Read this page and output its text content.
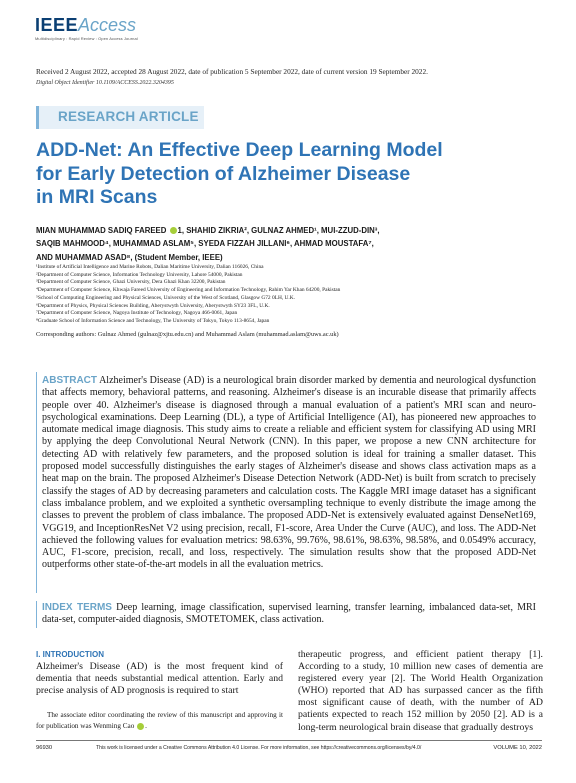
IEEEAccess
Multidisciplinary : Rapid Review : Open Access Journal
Received 2 August 2022, accepted 28 August 2022, date of publication 5 September 2022, date of current version 19 September 2022.
Digital Object Identifier 10.1109/ACCESS.2022.3204395
RESEARCH ARTICLE
ADD-Net: An Effective Deep Learning Model
for Early Detection of Alzheimer Disease
in MRI Scans
MIAN MUHAMMAD SADIQ FAREED 1, SHAHID ZIKRIA², GULNAZ AHMED¹, MUI-ZZUD-DIN³,
SAQIB MAHMOOD⁴, MUHAMMAD ASLAM⁵, SYEDA FIZZAH JILLANI⁶, AHMAD MOUSTAFA⁷,
AND MUHAMMAD ASAD⁸, (Student Member, IEEE)
¹Institute of Artificial Intelligence and Marine Robots, Dalian Maritime University, Dalian 116026, China
²Department of Computer Science, Information Technology University, Lahore 54000, Pakistan
³Department of Computer Science, Ghazi University, Dera Ghazi Khan 32200, Pakistan
⁴Department of Computer Science, Khwaja Fareed University of Engineering and Information Technology, Rahim Yar Khan 64200, Pakistan
⁵School of Computing Engineering and Physical Sciences, University of the West of Scotland, Glasgow G72 0LH, U.K.
⁶Department of Physics, Physical Sciences Building, Aberystwyth University, Aberystwyth SY23 3FL, U.K.
⁷Department of Computer Science, Nagoya Institute of Technology, Nagoya 466-0061, Japan
⁸Graduate School of Information Science and Technology, The University of Tokyo, Tokyo 113-8654, Japan
Corresponding authors: Gulnaz Ahmed (gulnaz@xjtu.edu.cn) and Muhammad Aslam (muhammad.aslam@uws.ac.uk)
ABSTRACT Alzheimer's Disease (AD) is a neurological brain disorder marked by dementia and neurological dysfunction that affects memory, behavioral patterns, and reasoning. Alzheimer's disease is an incurable disease that primarily affects people over 40. Alzheimer's disease is diagnosed through a manual evaluation of a patient's MRI scan and neuro-psychological examinations. Deep Learning (DL), a type of Artificial Intelligence (AI), has pioneered new approaches to automate medical image diagnosis. This study aims to create a reliable and efficient system for classifying AD using MRI by applying the deep Convolutional Neural Network (CNN). In this paper, we propose a new CNN architecture for detecting AD with relatively few parameters, and the proposed solution is ideal for training a smaller dataset. This proposed model successfully distinguishes the early stages of Alzheimer's disease and shows class activation maps as a heat map on the brain. The proposed Alzheimer's Disease Detection Network (ADD-Net) is built from scratch to precisely classify the stages of AD by decreasing parameters and calculation costs. The Kaggle MRI image dataset has a significant class imbalance problem, and we exploited a synthetic oversampling technique to evenly distribute the image among the classes to prevent the problem of class imbalance. The proposed ADD-Net is extensively evaluated against DenseNet169, VGG19, and InceptionResNet V2 using precision, recall, F1-score, Area Under the Curve (AUC), and loss. The ADD-Net achieved the following values for evaluation metrics: 98.63%, 99.76%, 98.61%, 98.63%, 98.58%, and 0.0549% accuracy, AUC, F1-score, precision, recall, and loss, respectively. The simulation results show that the proposed ADD-Net outperforms other state-of-the-art models in all the evaluation metrics.
INDEX TERMS Deep learning, image classification, supervised learning, transfer learning, imbalanced data-set, MRI data-set, computer-aided diagnosis, SMOTETOMEK, class activation.
I. INTRODUCTION
Alzheimer's Disease (AD) is the most frequent kind of dementia that needs substantial medical attention. Early and precise analysis of AD prognosis is required to start
therapeutic progress, and efficient patient therapy [1]. According to a study, 10 million new cases of dementia are registered every year [2]. The World Health Organization (WHO) reported that AD has surpassed cancer as the fifth most significant cause of death, with the number of AD patients expected to reach 152 million by 2050 [2]. AD is a long-term neurological brain disease that gradually destroys
The associate editor coordinating the review of this manuscript and approving it for publication was Wenming Cao .
96930	This work is licensed under a Creative Commons Attribution 4.0 License. For more information, see https://creativecommons.org/licenses/by/4.0/	VOLUME 10, 2022
